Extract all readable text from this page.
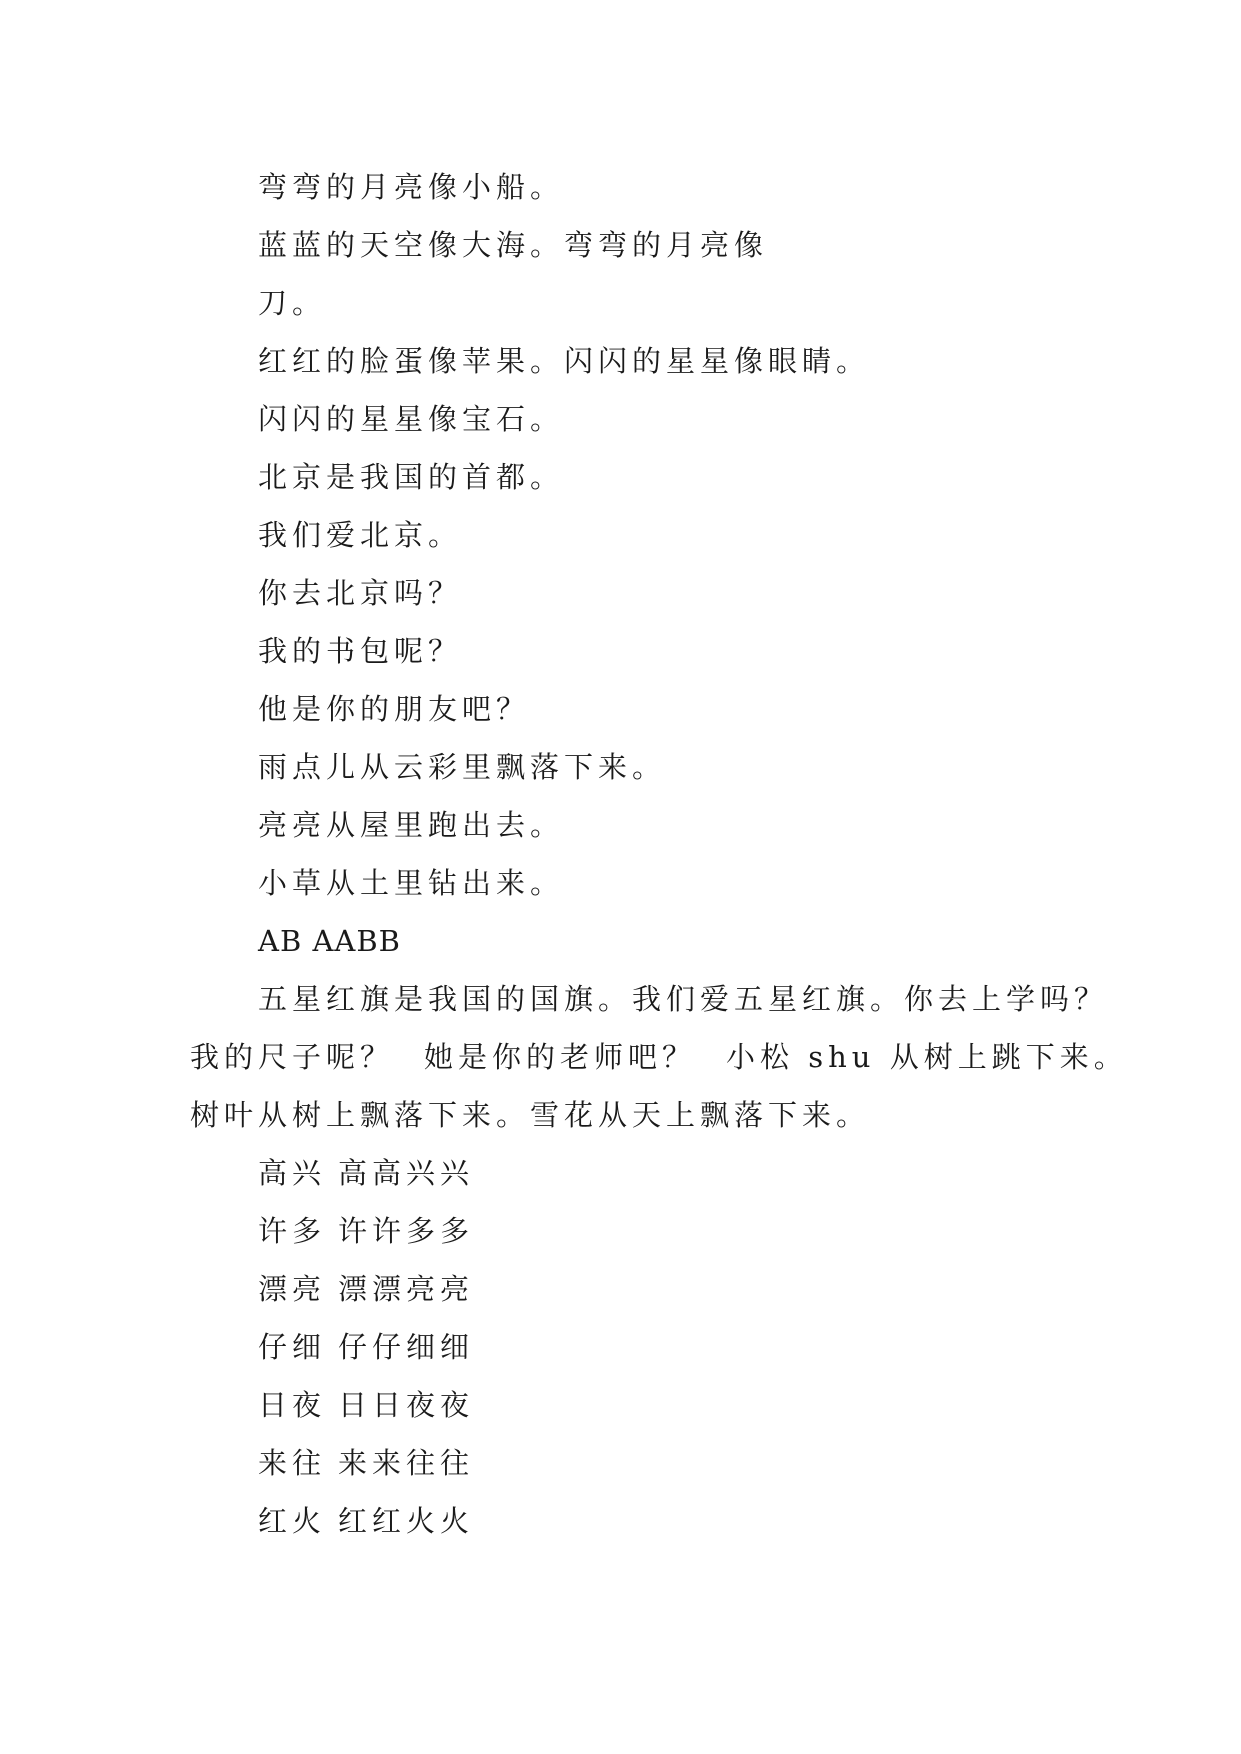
弯弯的月亮像小船。
蓝蓝的天空像大海。弯弯的月亮像
刀。
红红的脸蛋像苹果。闪闪的星星像眼睛。
闪闪的星星像宝石。
北京是我国的首都。
我们爱北京。
你去北京吗？
我的书包呢？
他是你的朋友吧？
雨点儿从云彩里飘落下来。
亮亮从屋里跑出去。
小草从土里钻出来。
AB AABB
五星红旗是我国的国旗。我们爱五星红旗。你去上学吗？
我的尺子呢？ 她是你的老师吧？ 小松 shu 从树上跳下来。
树叶从树上飘落下来。雪花从天上飘落下来。
高兴 高高兴兴
许多 许许多多
漂亮 漂漂亮亮
仔细 仔仔细细
日夜 日日夜夜
来往 来来往往
红火 红红火火
